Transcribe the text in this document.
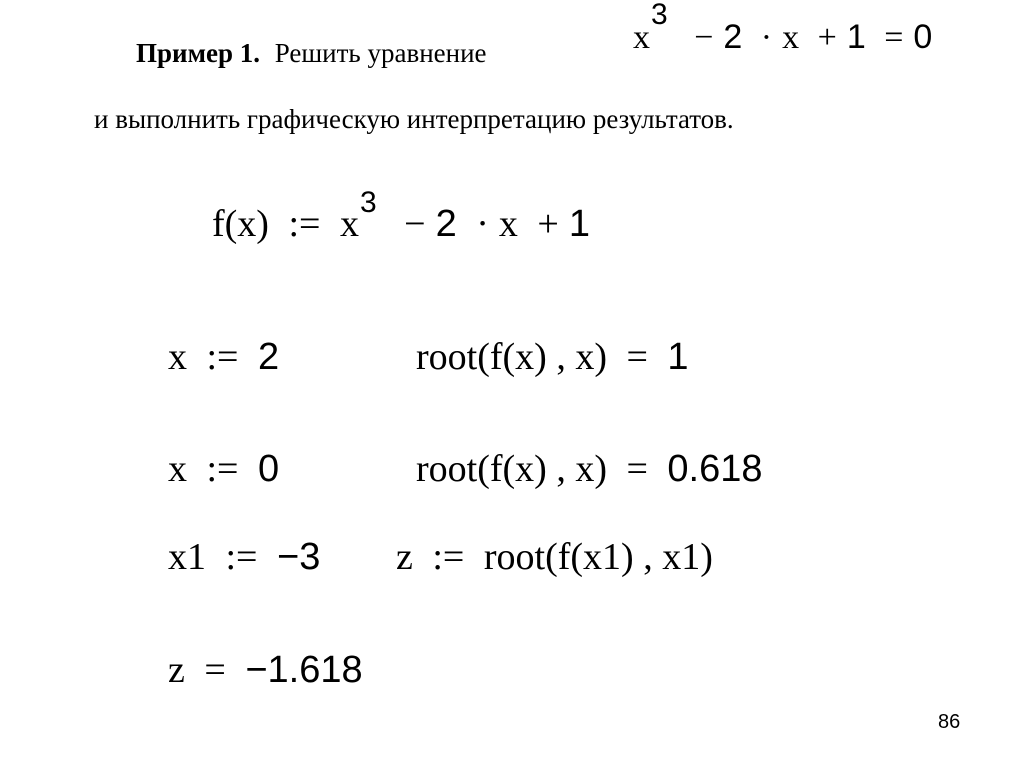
Пример 1. Решить уравнение	x3 − 2 · x + 1 = 0
и выполнить графическую интерпретацию результатов.
f(x) := $x^3 - 2 \cdot x + 1$
x := 2	root(f(x) , x) = 1
x := 0	root(f(x) , x) = 0.618
x1 := −3 z := root(f(x1) , x1)
z = −1.618
86
